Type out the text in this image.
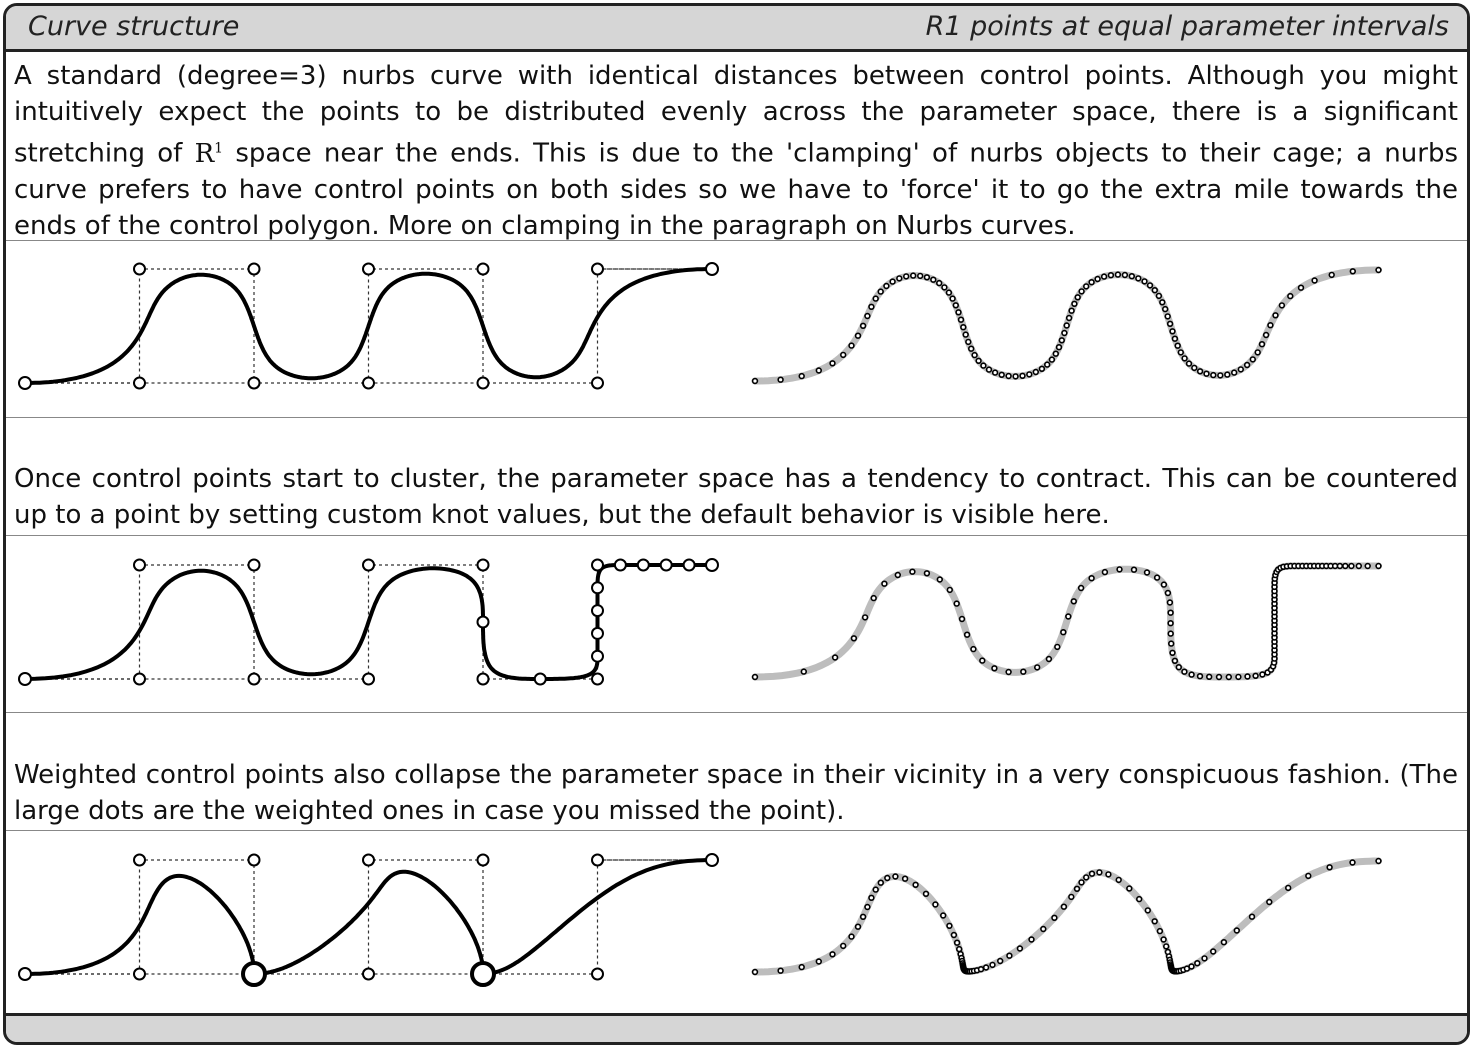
Curve structure	R1 points at equal parameter intervals

A standard (degree=3) nurbs curve with identical distances between control points. Although you might intuitively expect the points to be distributed evenly across the parameter space, there is a significant stretching of $R^1$ space near the ends. This is due to the 'clamping' of nurbs objects to their cage; a nurbs curve prefers to have control points on both sides so we have to 'force' it to go the extra mile towards the ends of the control polygon. More on clamping in the paragraph on Nurbs curves.

Once control points start to cluster, the parameter space has a tendency to contract. This can be countered up to a point by setting custom knot values, but the default behavior is visible here.

Weighted control points also collapse the parameter space in their vicinity in a very conspicuous fashion. (The large dots are the weighted ones in case you missed the point).
